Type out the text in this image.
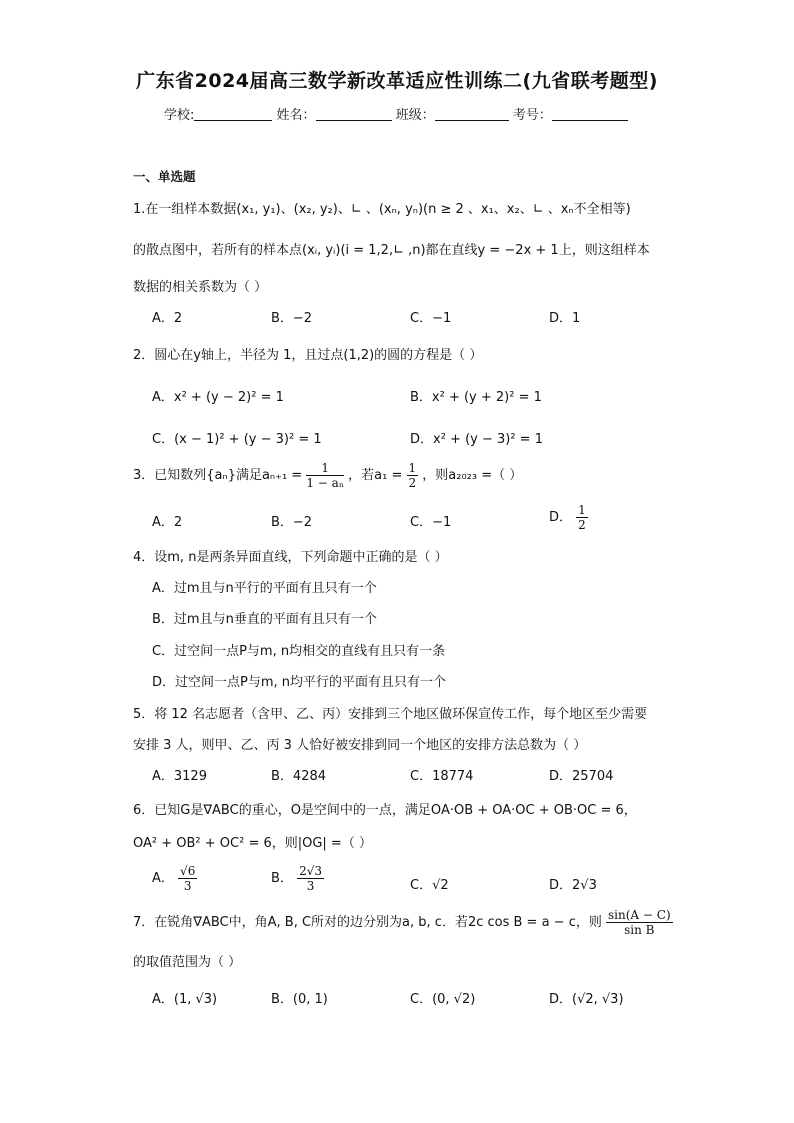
广东省2024届高三数学新改革适应性训练二(九省联考题型)
学校:	姓名：	班级：	考号：
一、单选题
1.在一组样本数据(x₁, y₁)、(x₂, y₂)、∟ 、(xₙ, yₙ)(n ≥ 2 、x₁、x₂、∟ 、xₙ不全相等)
的散点图中，若所有的样本点(xᵢ, yᵢ)(i = 1,2,∟ ,n)都在直线y = −2x + 1上，则这组样本
数据的相关系数为（ ）
A．2	B．−2	C．−1	D．1
2．圆心在y轴上，半径为 1，且过点(1,2)的圆的方程是（ ）
A．x² + (y − 2)² = 1	B．x² + (y + 2)² = 1
C．(x − 1)² + (y − 3)² = 1	D．x² + (y − 3)² = 1
3．已知数列{aₙ}满足$a_{n+1} = \frac{1}{\text{1 − aₙ}}$ ，若$a_1 = \frac{1}{2}$ ，则a₂₀₂₃ =（ ）
A．2	B．−2	C．−1	D． $\frac{1}{2}$
4．设m, n是两条异面直线，下列命题中正确的是（ ）
A．过m且与n平行的平面有且只有一个
B．过m且与n垂直的平面有且只有一个
C．过空间一点P与m, n均相交的直线有且只有一条
D．过空间一点P与m, n均平行的平面有且只有一个
5．将 12 名志愿者（含甲、乙、丙）安排到三个地区做环保宣传工作，每个地区至少需要
安排 3 人，则甲、乙、丙 3 人恰好被安排到同一个地区的安排方法总数为（ ）
A．3129	B．4284	C．18774	D．25704
6．已知G是∇ABC的重心，O是空间中的一点，满足OA·OB + OA·OC + OB·OC = 6，
OA² + OB² + OC² = 6，则|OG| =（ ）
A． $\frac{√6}{3}$	B． $\frac{2√3}{3}$	C．√2	D．2√3
7．在锐角∇ABC中，角A, B, C所对的边分别为a, b, c．若2c cos B = a − c，则 $\frac{\sin(A - C)}{\text{sin B}}$
的取值范围为（ ）
A．(1, √3)	B．(0, 1)	C．(0, √2)	D．(√2, √3)
